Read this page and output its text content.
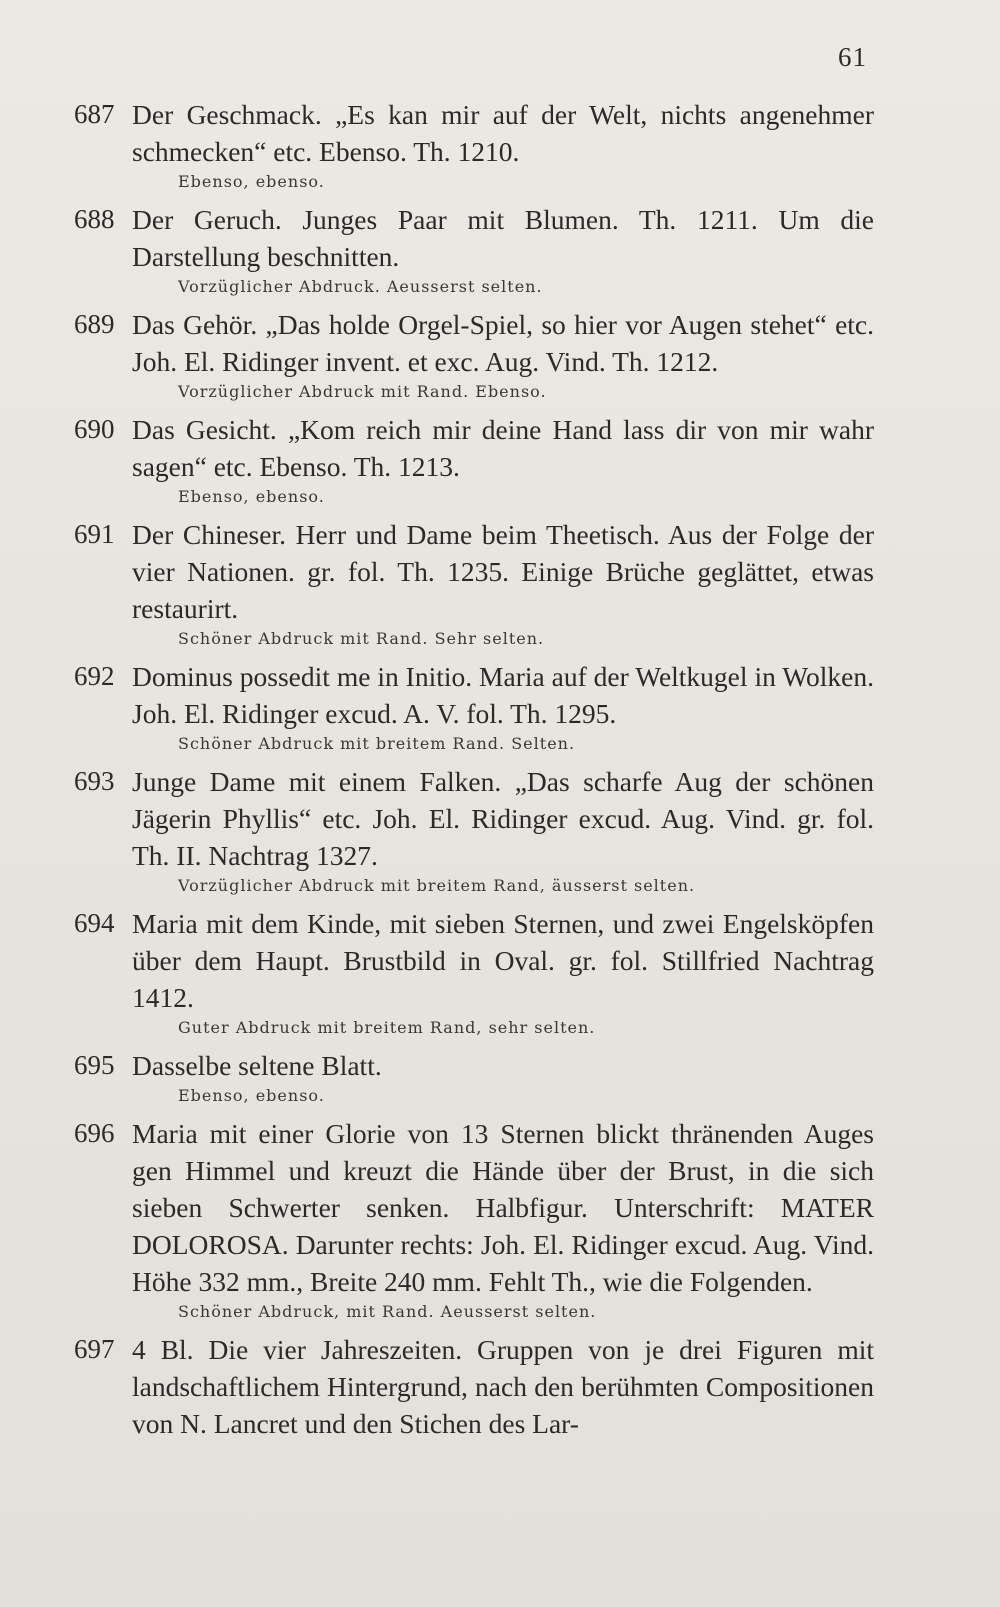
61
687 Der Geschmack. „Es kan mir auf der Welt, nichts angenehmer schmecken“ etc. Ebenso. Th. 1210.
Ebenso, ebenso.
688 Der Geruch. Junges Paar mit Blumen. Th. 1211. Um die Darstellung beschnitten.
Vorzüglicher Abdruck. Aeusserst selten.
689 Das Gehör. „Das holde Orgel-Spiel, so hier vor Augen stehet“ etc. Joh. El. Ridinger invent. et exc. Aug. Vind. Th. 1212.
Vorzüglicher Abdruck mit Rand. Ebenso.
690 Das Gesicht. „Kom reich mir deine Hand lass dir von mir wahr sagen“ etc. Ebenso. Th. 1213.
Ebenso, ebenso.
691 Der Chineser. Herr und Dame beim Theetisch. Aus der Folge der vier Nationen. gr. fol. Th. 1235. Einige Brüche geglättet, etwas restaurirt.
Schöner Abdruck mit Rand. Sehr selten.
692 Dominus possedit me in Initio. Maria auf der Weltkugel in Wolken. Joh. El. Ridinger excud. A. V. fol. Th. 1295.
Schöner Abdruck mit breitem Rand. Selten.
693 Junge Dame mit einem Falken. „Das scharfe Aug der schönen Jägerin Phyllis“ etc. Joh. El. Ridinger excud. Aug. Vind. gr. fol. Th. II. Nachtrag 1327.
Vorzüglicher Abdruck mit breitem Rand, äusserst selten.
694 Maria mit dem Kinde, mit sieben Sternen, und zwei Engelsköpfen über dem Haupt. Brustbild in Oval. gr. fol. Stillfried Nachtrag 1412.
Guter Abdruck mit breitem Rand, sehr selten.
695 Dasselbe seltene Blatt.
Ebenso, ebenso.
696 Maria mit einer Glorie von 13 Sternen blickt thränenden Auges gen Himmel und kreuzt die Hände über der Brust, in die sich sieben Schwerter senken. Halbfigur. Unterschrift: MATER DOLOROSA. Darunter rechts: Joh. El. Ridinger excud. Aug. Vind. Höhe 332 mm., Breite 240 mm. Fehlt Th., wie die Folgenden.
Schöner Abdruck, mit Rand. Aeusserst selten.
697 4 Bl. Die vier Jahreszeiten. Gruppen von je drei Figuren mit landschaftlichem Hintergrund, nach den berühmten Compositionen von N. Lancret und den Stichen des Lar-
